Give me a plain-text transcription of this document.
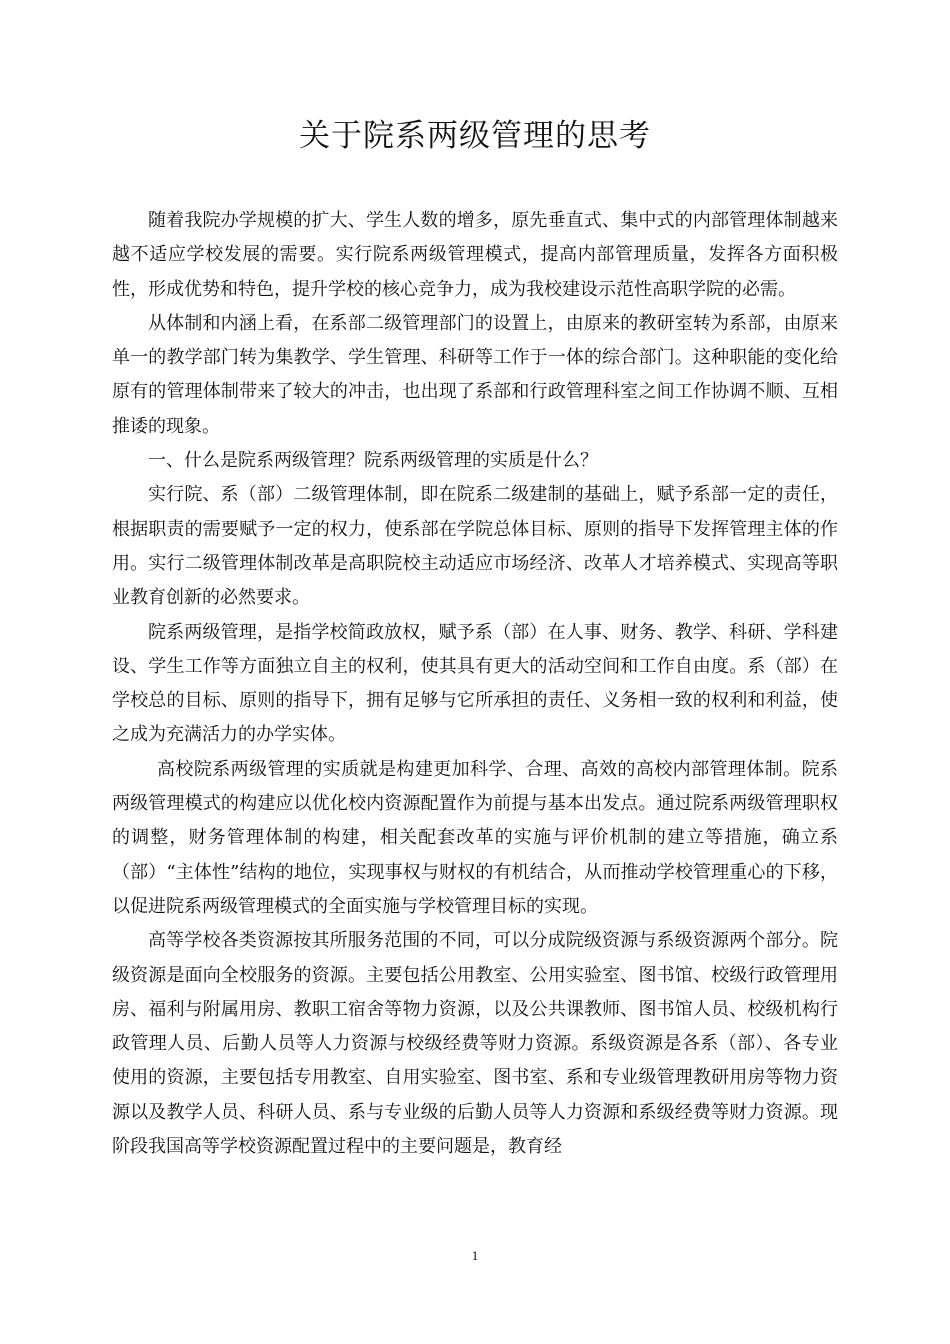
关于院系两级管理的思考

随着我院办学规模的扩大、学生人数的增多，原先垂直式、集中式的内部管理体制越来越不适应学校发展的需要。实行院系两级管理模式，提高内部管理质量，发挥各方面积极性，形成优势和特色，提升学校的核心竞争力，成为我校建设示范性高职学院的必需。

从体制和内涵上看，在系部二级管理部门的设置上，由原来的教研室转为系部，由原来单一的教学部门转为集教学、学生管理、科研等工作于一体的综合部门。这种职能的变化给原有的管理体制带来了较大的冲击，也出现了系部和行政管理科室之间工作协调不顺、互相推诿的现象。

一、什么是院系两级管理？院系两级管理的实质是什么？

实行院、系（部）二级管理体制，即在院系二级建制的基础上，赋予系部一定的责任，根据职责的需要赋予一定的权力，使系部在学院总体目标、原则的指导下发挥管理主体的作用。实行二级管理体制改革是高职院校主动适应市场经济、改革人才培养模式、实现高等职业教育创新的必然要求。

院系两级管理，是指学校简政放权，赋予系（部）在人事、财务、教学、科研、学科建设、学生工作等方面独立自主的权利，使其具有更大的活动空间和工作自由度。系（部）在学校总的目标、原则的指导下，拥有足够与它所承担的责任、义务相一致的权利和利益，使之成为充满活力的办学实体。

高校院系两级管理的实质就是构建更加科学、合理、高效的高校内部管理体制。院系两级管理模式的构建应以优化校内资源配置作为前提与基本出发点。通过院系两级管理职权的调整，财务管理体制的构建，相关配套改革的实施与评价机制的建立等措施，确立系（部）“主体性”结构的地位，实现事权与财权的有机结合，从而推动学校管理重心的下移，以促进院系两级管理模式的全面实施与学校管理目标的实现。

高等学校各类资源按其所服务范围的不同，可以分成院级资源与系级资源两个部分。院级资源是面向全校服务的资源。主要包括公用教室、公用实验室、图书馆、校级行政管理用房、福利与附属用房、教职工宿舍等物力资源，以及公共课教师、图书馆人员、校级机构行政管理人员、后勤人员等人力资源与校级经费等财力资源。系级资源是各系（部）、各专业使用的资源，主要包括专用教室、自用实验室、图书室、系和专业级管理教研用房等物力资源以及教学人员、科研人员、系与专业级的后勤人员等人力资源和系级经费等财力资源。现阶段我国高等学校资源配置过程中的主要问题是，教育经

1
